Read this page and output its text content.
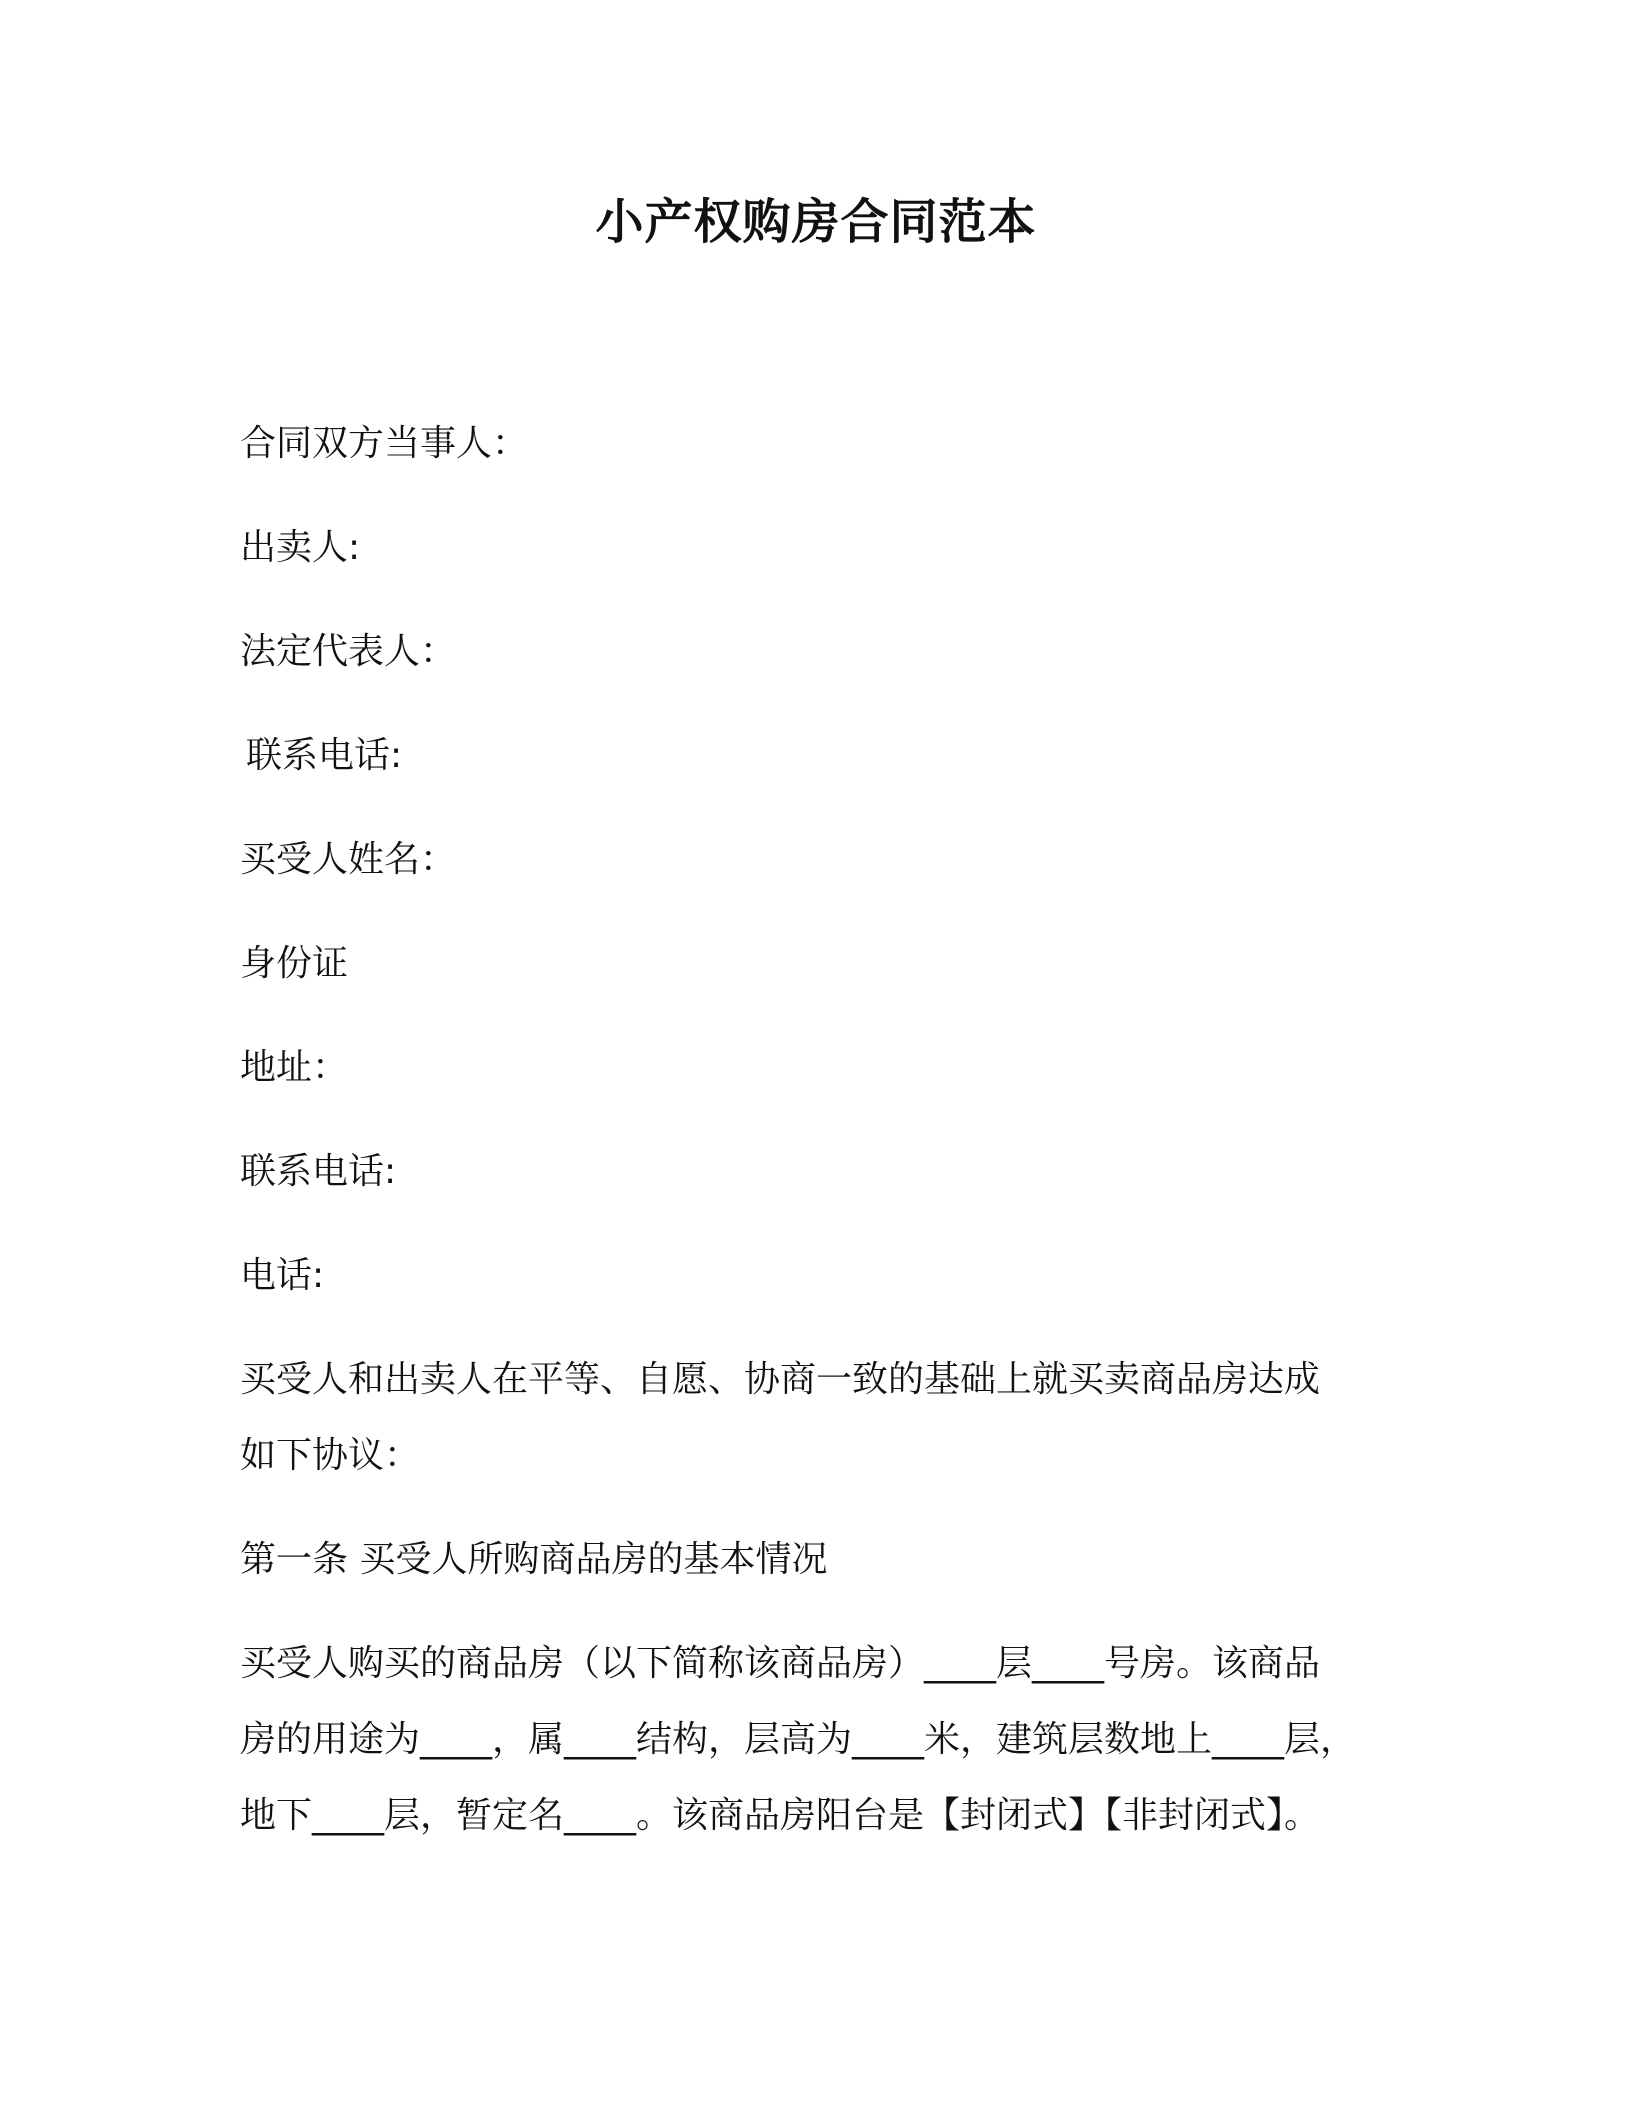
小产权购房合同范本
合同双方当事人：
出卖人:
法定代表人：
联系电话:
买受人姓名：
身份证
地址：
联系电话:
电话:
买受人和出卖人在平等、自愿、协商一致的基础上就买卖商品房达成
如下协议：
第一条 买受人所购商品房的基本情况
买受人购买的商品房（以下简称该商品房）____层____号房。该商品
房的用途为____，属____结构，层高为____米，建筑层数地上____层，
地下____层，暂定名____。该商品房阳台是【封闭式】【非封闭式】。
